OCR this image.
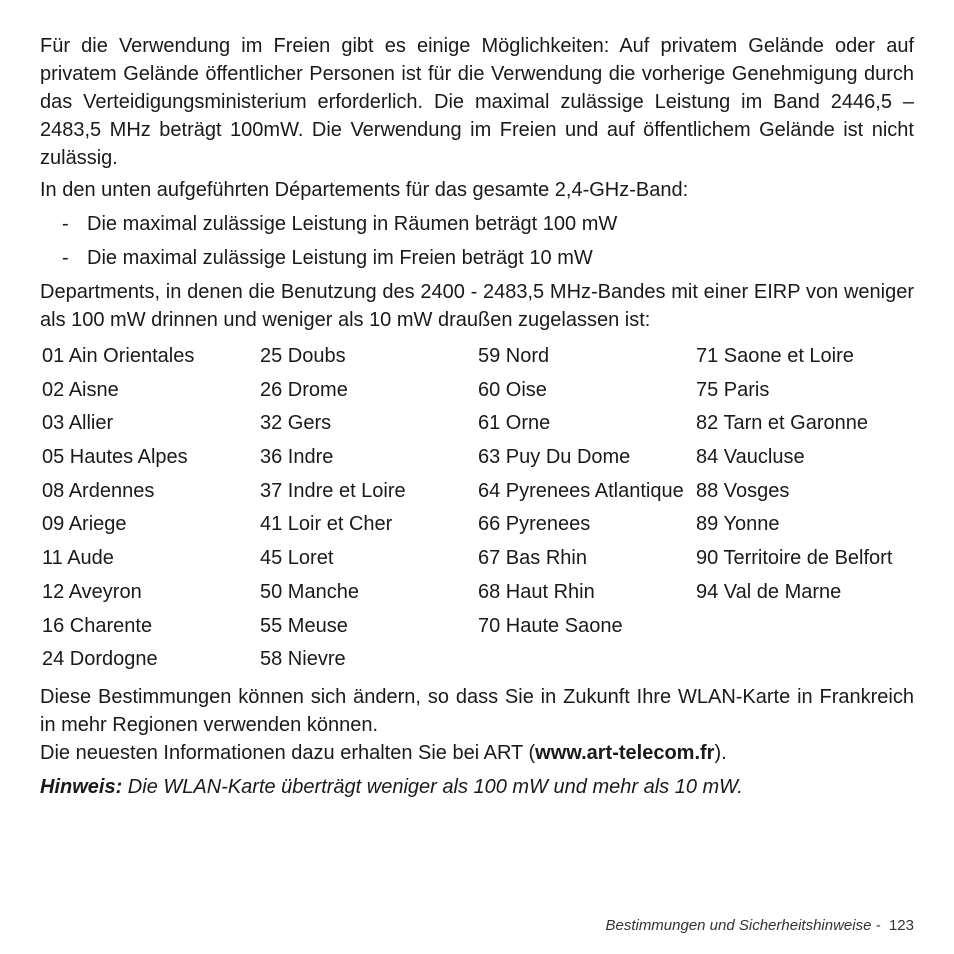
Für die Verwendung im Freien gibt es einige Möglichkeiten: Auf privatem Gelände oder auf privatem Gelände öffentlicher Personen ist für die Verwendung die vorherige Genehmigung durch das Verteidigungsministerium erforderlich. Die maximal zulässige Leistung im Band 2446,5 – 2483,5 MHz beträgt 100mW. Die Verwendung im Freien und auf öffentlichem Gelände ist nicht zulässig.

In den unten aufgeführten Départements für das gesamte 2,4-GHz-Band:

- Die maximal zulässige Leistung in Räumen beträgt 100 mW
- Die maximal zulässige Leistung im Freien beträgt 10 mW

Departments, in denen die Benutzung des 2400 - 2483,5 MHz-Bandes mit einer EIRP von weniger als 100 mW drinnen und weniger als 10 mW draußen zugelassen ist:

01 Ain Orientales
02 Aisne
03 Allier
05 Hautes Alpes
08 Ardennes
09 Ariege
11 Aude
12 Aveyron
16 Charente
24 Dordogne
25 Doubs
26 Drome
32 Gers
36 Indre
37 Indre et Loire
41 Loir et Cher
45 Loret
50 Manche
55 Meuse
58 Nievre
59 Nord
60 Oise
61 Orne
63 Puy Du Dome
64 Pyrenees Atlantique
66 Pyrenees
67 Bas Rhin
68 Haut Rhin
70 Haute Saone
71 Saone et Loire
75 Paris
82 Tarn et Garonne
84 Vaucluse
88 Vosges
89 Yonne
90 Territoire de Belfort
94 Val de Marne

Diese Bestimmungen können sich ändern, so dass Sie in Zukunft Ihre WLAN-Karte in Frankreich in mehr Regionen verwenden können.

Die neuesten Informationen dazu erhalten Sie bei ART (www.art-telecom.fr).

Hinweis: Die WLAN-Karte überträgt weniger als 100 mW und mehr als 10 mW.

Bestimmungen und Sicherheitshinweise - 123
